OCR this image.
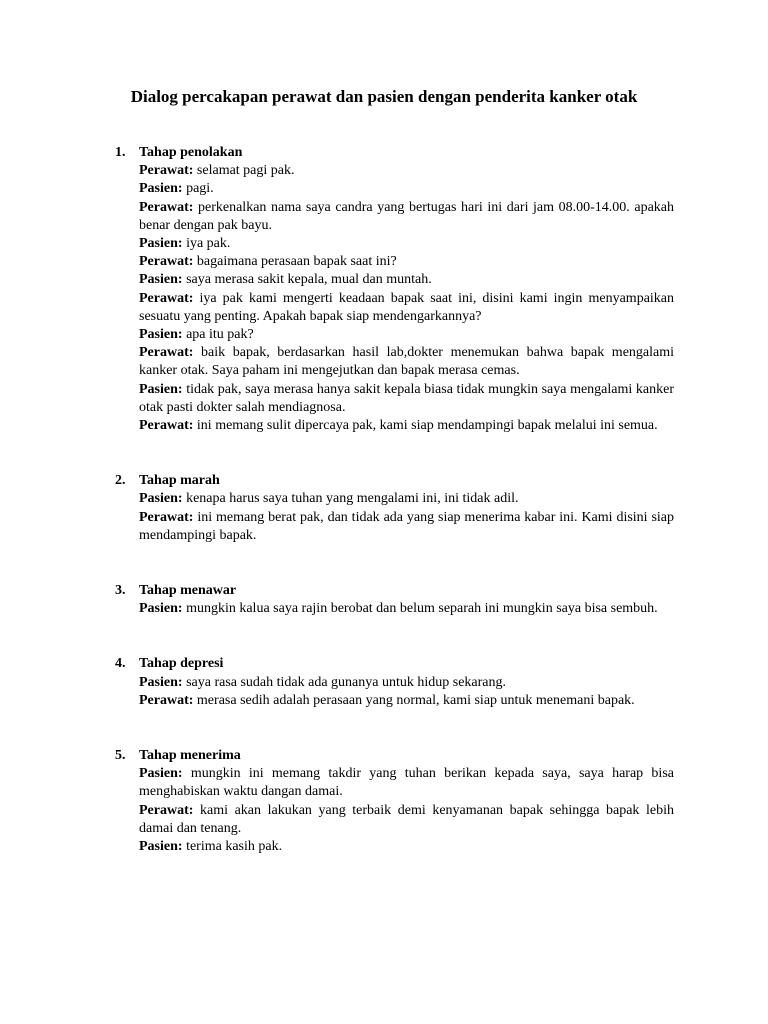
Dialog percakapan perawat dan pasien dengan penderita kanker otak
1. Tahap penolakan

Perawat: selamat pagi pak.

Pasien: pagi.

Perawat: perkenalkan nama saya candra yang bertugas hari ini dari jam 08.00-14.00. apakah benar dengan pak bayu.

Pasien: iya pak.

Perawat: bagaimana perasaan bapak saat ini?

Pasien: saya merasa sakit kepala, mual dan muntah.

Perawat: iya pak kami mengerti keadaan bapak saat ini, disini kami ingin menyampaikan sesuatu yang penting. Apakah bapak siap mendengarkannya?

Pasien: apa itu pak?

Perawat: baik bapak, berdasarkan hasil lab,dokter menemukan bahwa bapak mengalami kanker otak. Saya paham ini mengejutkan dan bapak merasa cemas.

Pasien: tidak pak, saya merasa hanya sakit kepala biasa tidak mungkin saya mengalami kanker otak pasti dokter salah mendiagnosa.

Perawat: ini memang sulit dipercaya pak, kami siap mendampingi bapak melalui ini semua.

2. Tahap marah

Pasien: kenapa harus saya tuhan yang mengalami ini, ini tidak adil.

Perawat: ini memang berat pak, dan tidak ada yang siap menerima kabar ini. Kami disini siap mendampingi bapak.

3. Tahap menawar

Pasien: mungkin kalua saya rajin berobat dan belum separah ini mungkin saya bisa sembuh.

4. Tahap depresi

Pasien: saya rasa sudah tidak ada gunanya untuk hidup sekarang.

Perawat: merasa sedih adalah perasaan yang normal, kami siap untuk menemani bapak.

5. Tahap menerima

Pasien: mungkin ini memang takdir yang tuhan berikan kepada saya, saya harap bisa menghabiskan waktu dangan damai.

Perawat: kami akan lakukan yang terbaik demi kenyamanan bapak sehingga bapak lebih damai dan tenang.

Pasien: terima kasih pak.
